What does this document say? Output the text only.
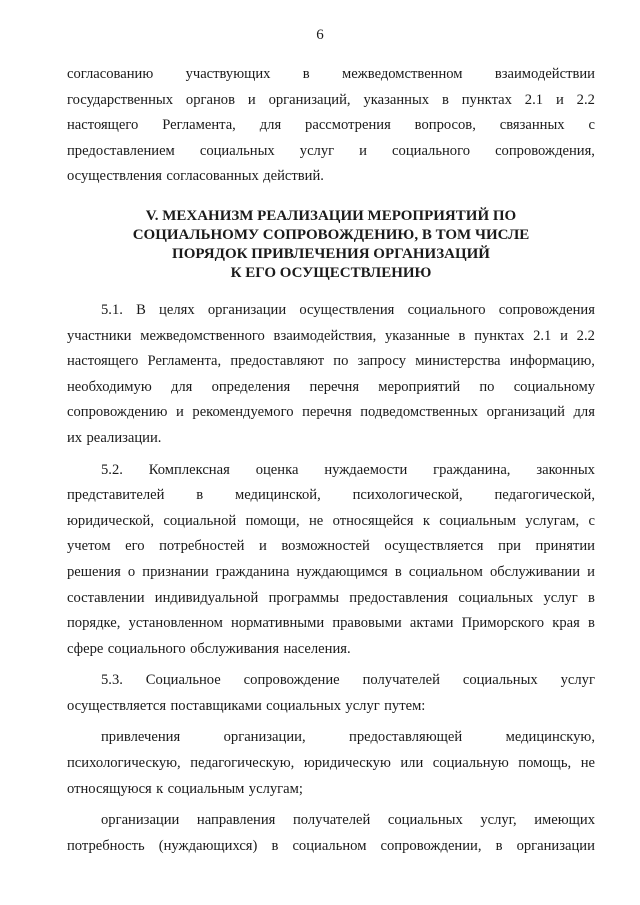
6
согласованию участвующих в межведомственном взаимодействии
государственных органов и организаций, указанных в пунктах 2.1 и 2.2
настоящего Регламента, для рассмотрения вопросов, связанных с
предоставлением социальных услуг и социального сопровождения,
осуществления согласованных действий.
V. МЕХАНИЗМ РЕАЛИЗАЦИИ МЕРОПРИЯТИЙ ПО
СОЦИАЛЬНОМУ СОПРОВОЖДЕНИЮ, В ТОМ ЧИСЛЕ
ПОРЯДОК ПРИВЛЕЧЕНИЯ ОРГАНИЗАЦИЙ
К ЕГО ОСУЩЕСТВЛЕНИЮ
5.1. В целях организации осуществления социального сопровождения
участники межведомственного взаимодействия, указанные в пунктах 2.1 и 2.2
настоящего Регламента, предоставляют по запросу министерства информацию,
необходимую для определения перечня мероприятий по социальному
сопровождению и рекомендуемого перечня подведомственных организаций для
их реализации.
5.2. Комплексная оценка нуждаемости гражданина, законных
представителей в медицинской, психологической, педагогической,
юридической, социальной помощи, не относящейся к социальным услугам, с
учетом его потребностей и возможностей осуществляется при принятии
решения о признании гражданина нуждающимся в социальном обслуживании и
составлении индивидуальной программы предоставления социальных услуг в
порядке, установленном нормативными правовыми актами Приморского края в
сфере социального обслуживания населения.
5.3. Социальное сопровождение получателей социальных услуг
осуществляется поставщиками социальных услуг путем:
привлечения	организации,	предоставляющей	медицинскую,
психологическую, педагогическую, юридическую или социальную помощь, не
относящуюся к социальным услугам;
организации направления получателей социальных услуг, имеющих
потребность (нуждающихся) в социальном сопровождении, в организации
